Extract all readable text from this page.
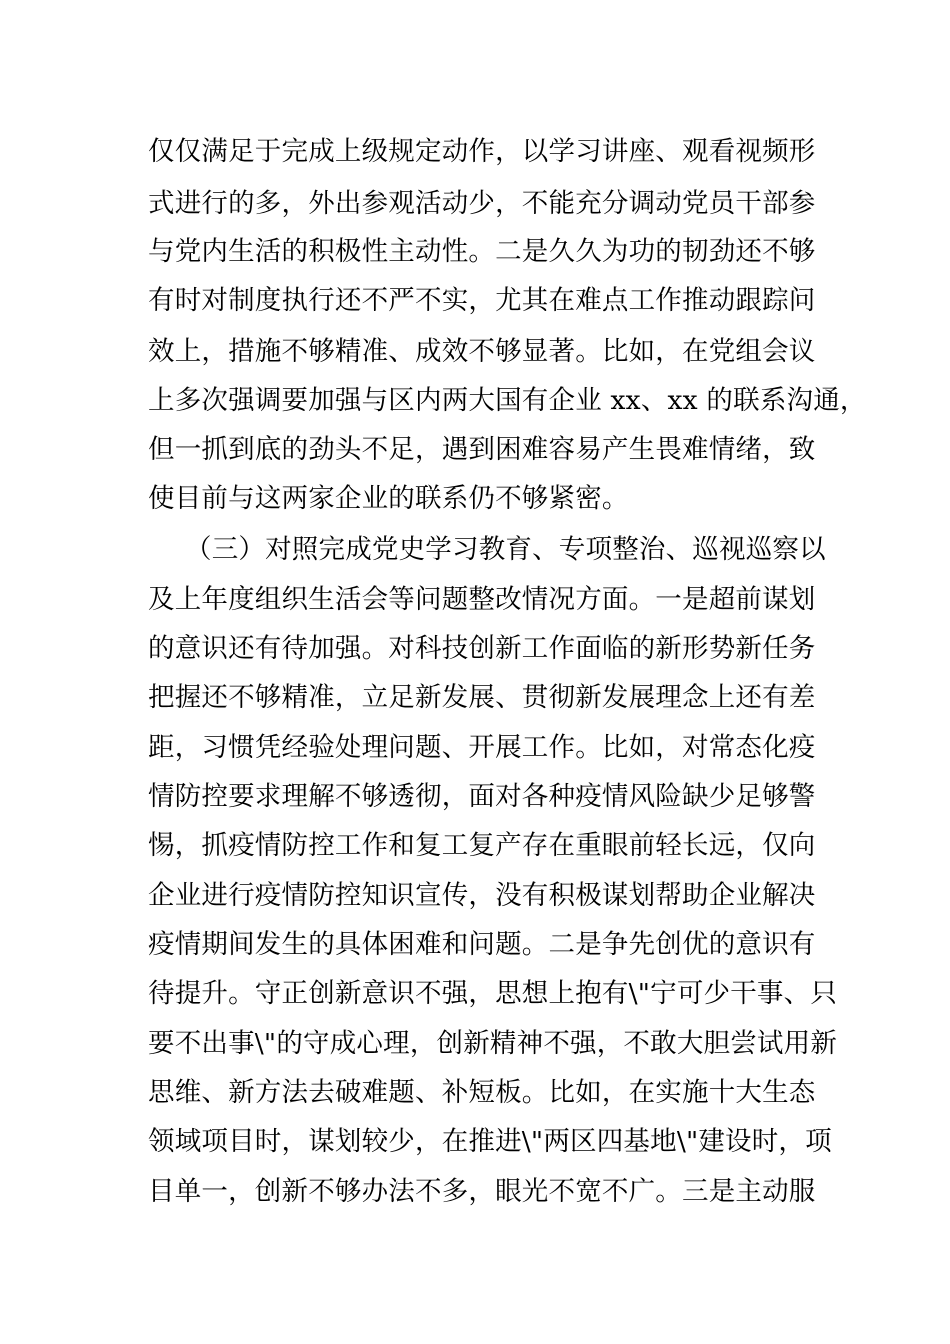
仅仅满足于完成上级规定动作，以学习讲座、观看视频形
式进行的多，外出参观活动少，不能充分调动党员干部参
与党内生活的积极性主动性。二是久久为功的韧劲还不够
有时对制度执行还不严不实，尤其在难点工作推动跟踪问
效上，措施不够精准、成效不够显著。比如，在党组会议
上多次强调要加强与区内两大国有企业 xx、xx 的联系沟通，
但一抓到底的劲头不足，遇到困难容易产生畏难情绪，致
使目前与这两家企业的联系仍不够紧密。
（三）对照完成党史学习教育、专项整治、巡视巡察以
及上年度组织生活会等问题整改情况方面。一是超前谋划
的意识还有待加强。对科技创新工作面临的新形势新任务
把握还不够精准，立足新发展、贯彻新发展理念上还有差
距，习惯凭经验处理问题、开展工作。比如，对常态化疫
情防控要求理解不够透彻，面对各种疫情风险缺少足够警
惕，抓疫情防控工作和复工复产存在重眼前轻长远，仅向
企业进行疫情防控知识宣传，没有积极谋划帮助企业解决
疫情期间发生的具体困难和问题。二是争先创优的意识有
待提升。守正创新意识不强，思想上抱有\"宁可少干事、只
要不出事\"的守成心理，创新精神不强，不敢大胆尝试用新
思维、新方法去破难题、补短板。比如，在实施十大生态
领域项目时，谋划较少，在推进\"两区四基地\"建设时，项
目单一，创新不够办法不多，眼光不宽不广。三是主动服
